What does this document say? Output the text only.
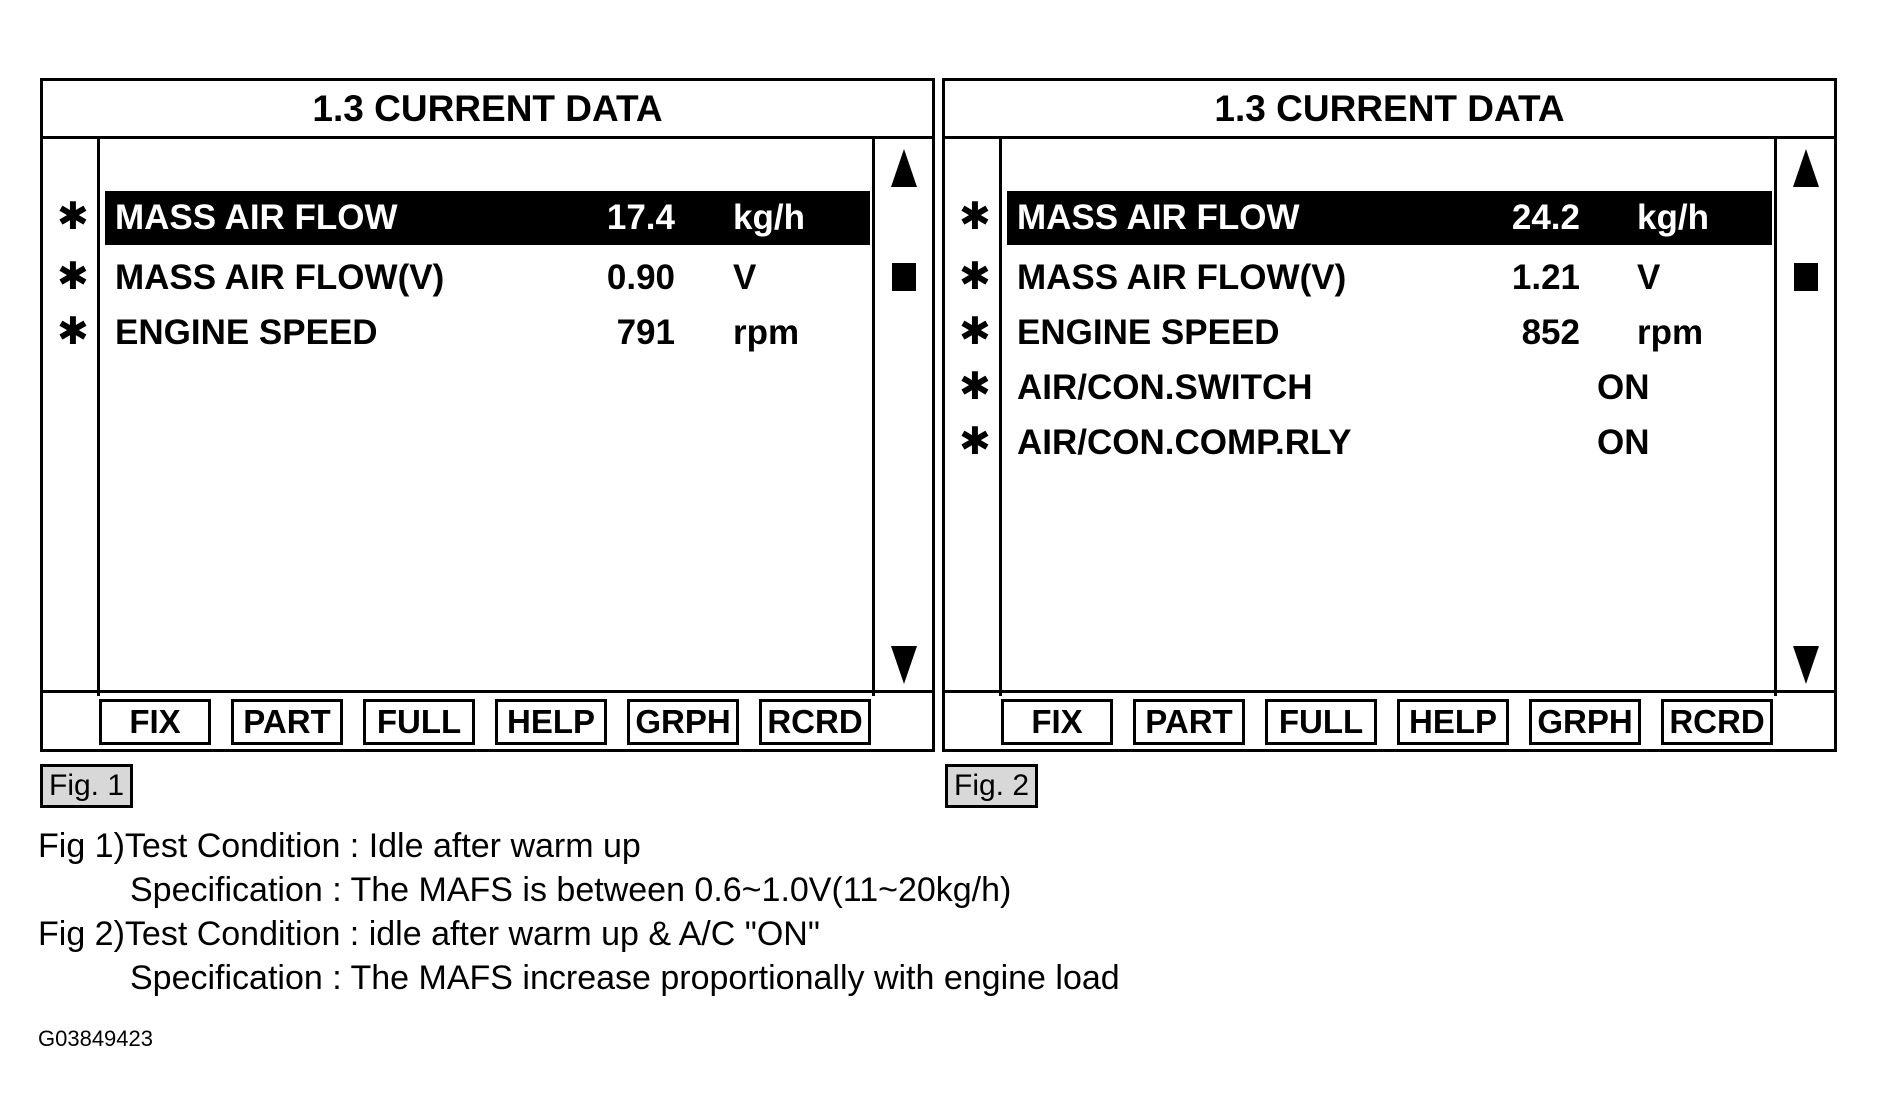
1.3 CURRENT DATA
✱ MASS AIR FLOW	17.4 kg/h
✱ MASS AIR FLOW(V)	0.90 V
✱ ENGINE SPEED	791 rpm
FIX	PART	FULL	HELP	GRPH RCRD
1.3 CURRENT DATA
✱ MASS AIR FLOW	24.2 kg/h
✱ MASS AIR FLOW(V)	1.21 V
✱ ENGINE SPEED	852 rpm
✱ AIR/CON.SWITCH	ON
✱ AIR/CON.COMP.RLY	ON
FIX	PART	FULL	HELP	GRPH RCRD
Fig. 1	Fig. 2
Fig 1)Test Condition : Idle after warm up
Specification : The MAFS is between 0.6~1.0V(11~20kg/h)
Fig 2)Test Condition : idle after warm up & A/C "ON"
Specification : The MAFS increase proportionally with engine load
G03849423
